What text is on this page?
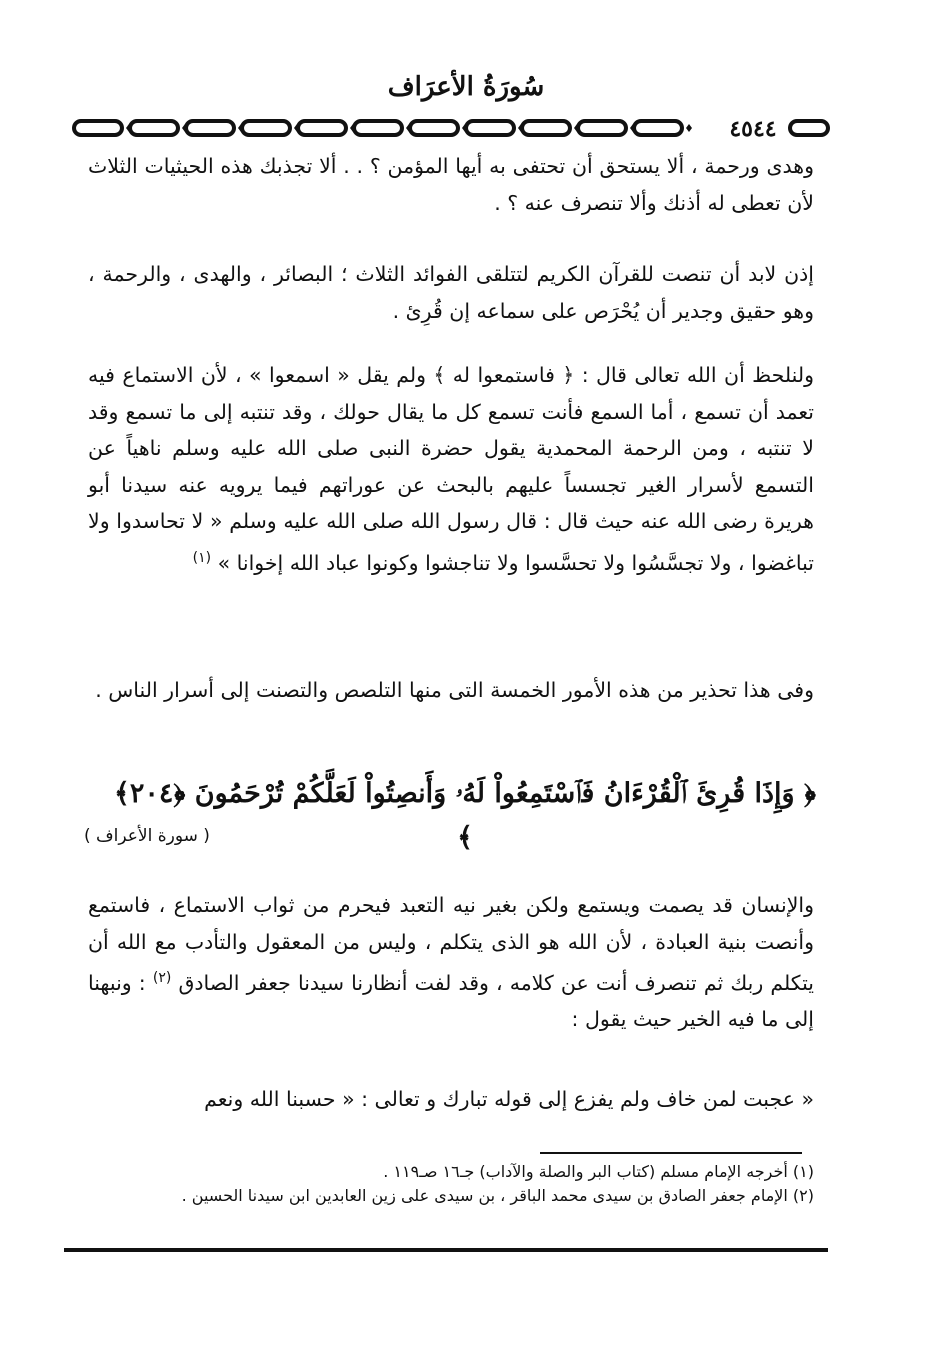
سُورَةُ الأعرَاف
٤٥٤٤

وهدى ورحمة ، ألا يستحق أن تحتفى به أيها المؤمن ؟ . . ألا تجذبك هذه الحيثيات الثلاث لأن تعطى له أذنك وألا تنصرف عنه ؟ .

إذن لابد أن تنصت للقرآن الكريم لتتلقى الفوائد الثلاث ؛ البصائر ، والهدى ، والرحمة ، وهو حقيق وجدير أن يُحْرَص على سماعه إن قُرِئ .

ولنلحظ أن الله تعالى قال : ﴿ فاستمعوا له ﴾ ولم يقل « اسمعوا » ، لأن الاستماع فيه تعمد أن تسمع ، أما السمع فأنت تسمع كل ما يقال حولك ، وقد تنتبه إلى ما تسمع وقد لا تنتبه ، ومن الرحمة المحمدية يقول حضرة النبى صلى الله عليه وسلم ناهياً عن التسمع لأسرار الغير تجسساً عليهم بالبحث عن عوراتهم فيما يرويه عنه سيدنا أبو هريرة رضى الله عنه حيث قال : قال رسول الله صلى الله عليه وسلم « لا تحاسدوا ولا تباغضوا ، ولا تجسَّسُوا ولا تحسَّسوا ولا تناجشوا وكونوا عباد الله إخوانا » $^{(١)}$

وفى هذا تحذير من هذه الأمور الخمسة التى منها التلصص والتصنت إلى أسرار الناس .

﴿ وَإِذَا قُرِئَ ٱلْقُرْءَانُ فَٱسْتَمِعُواْ لَهُۥ وَأَنصِتُواْ لَعَلَّكُمْ تُرْحَمُونَ ﴿٢٠٤﴾ ﴾
( سورة الأعراف )

والإنسان قد يصمت ويستمع ولكن بغير نيه التعبد فيحرم من ثواب الاستماع ، فاستمع وأنصت بنية العبادة ، لأن الله هو الذى يتكلم ، وليس من المعقول والتأدب مع الله أن يتكلم ربك ثم تنصرف أنت عن كلامه ، وقد لفت أنظارنا سيدنا جعفر الصادق $^{(٢)}$ : ونبهنا إلى ما فيه الخير حيث يقول :

« عجبت لمن خاف ولم يفزع إلى قوله تبارك و تعالى : « حسبنا الله ونعم

(١) أخرجه الإمام مسلم (كتاب البر والصلة والآداب) جـ١٦ صـ١١٩ .
(٢) الإمام جعفر الصادق بن سيدى محمد الباقر ، بن سيدى على زين العابدين ابن سيدنا الحسين .
